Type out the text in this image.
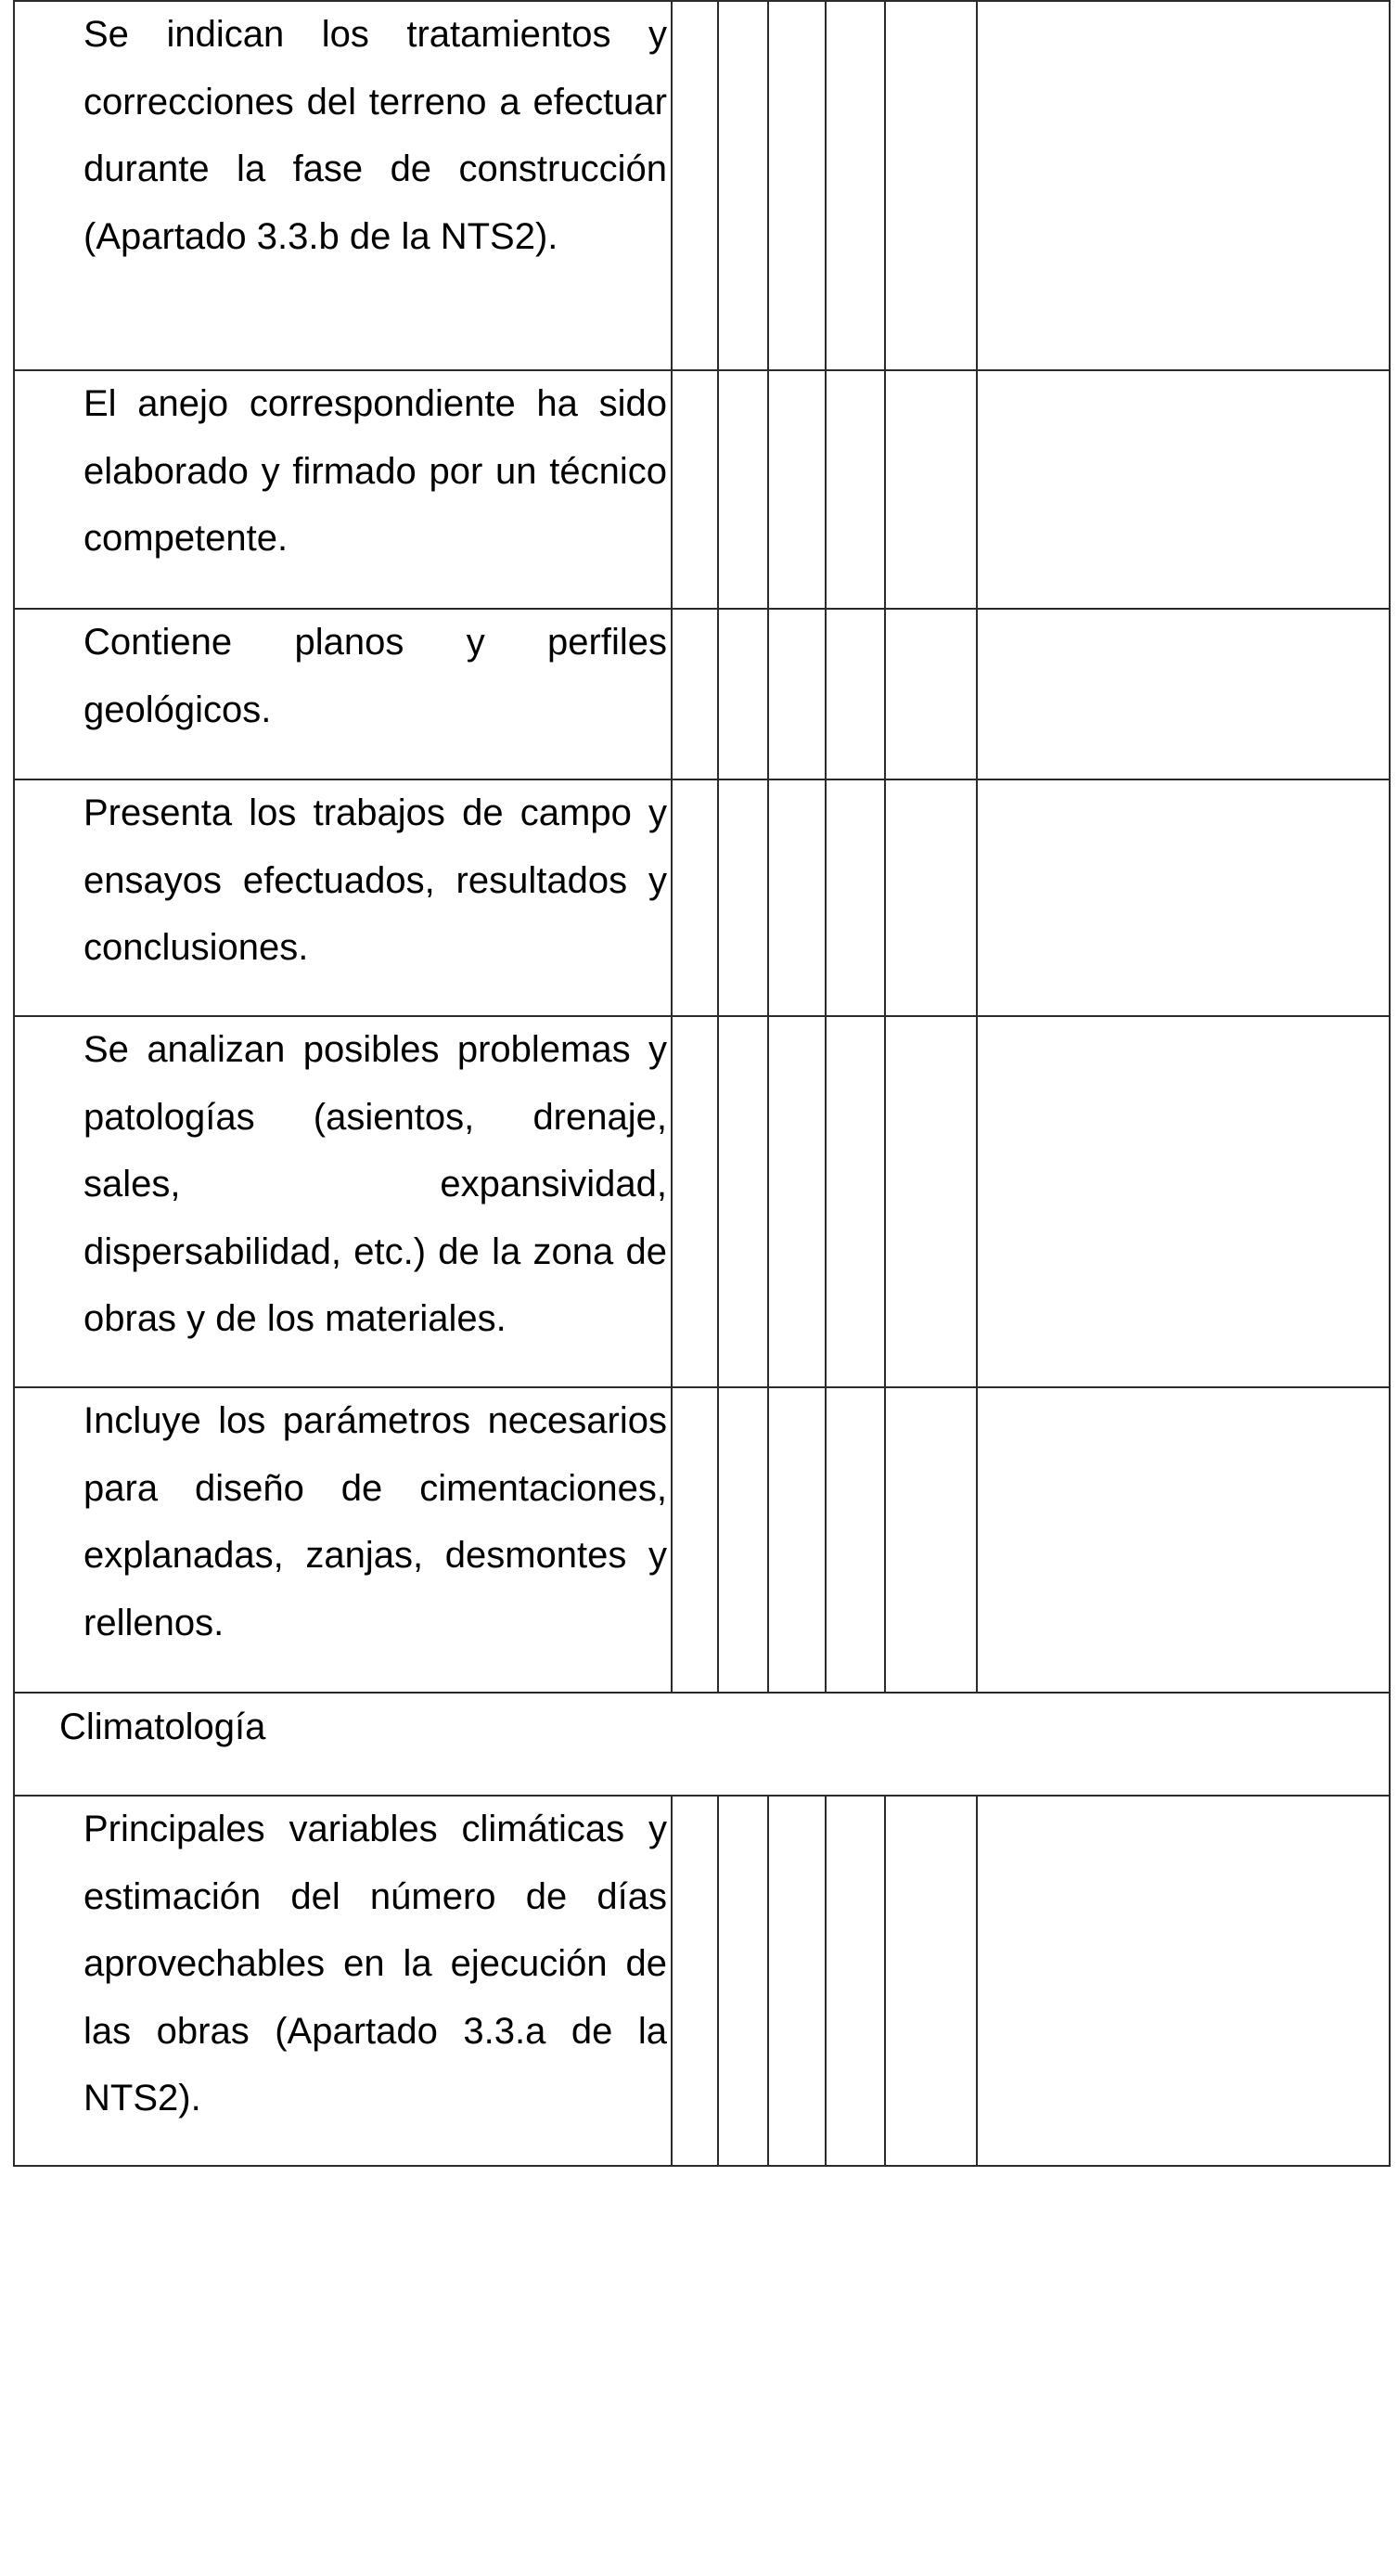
Se indican los tratamientos y correcciones del terreno a efectuar durante la fase de construcción (Apartado 3.3.b de la NTS2).						

El anejo correspondiente ha sido elaborado y firmado por un técnico competente.						

Contiene planos y perfiles geológicos.						

Presenta los trabajos de campo y ensayos efectuados, resultados y conclusiones.						

Se analizan posibles problemas y patologías (asientos, drenaje, sales, expansividad, dispersabilidad, etc.) de la zona de obras y de los materiales.						

Incluye los parámetros necesarios para diseño de cimentaciones, explanadas, zanjas, desmontes y rellenos.						

Climatología						

Principales variables climáticas y estimación del número de días aprovechables en la ejecución de las obras (Apartado 3.3.a de la NTS2).						
